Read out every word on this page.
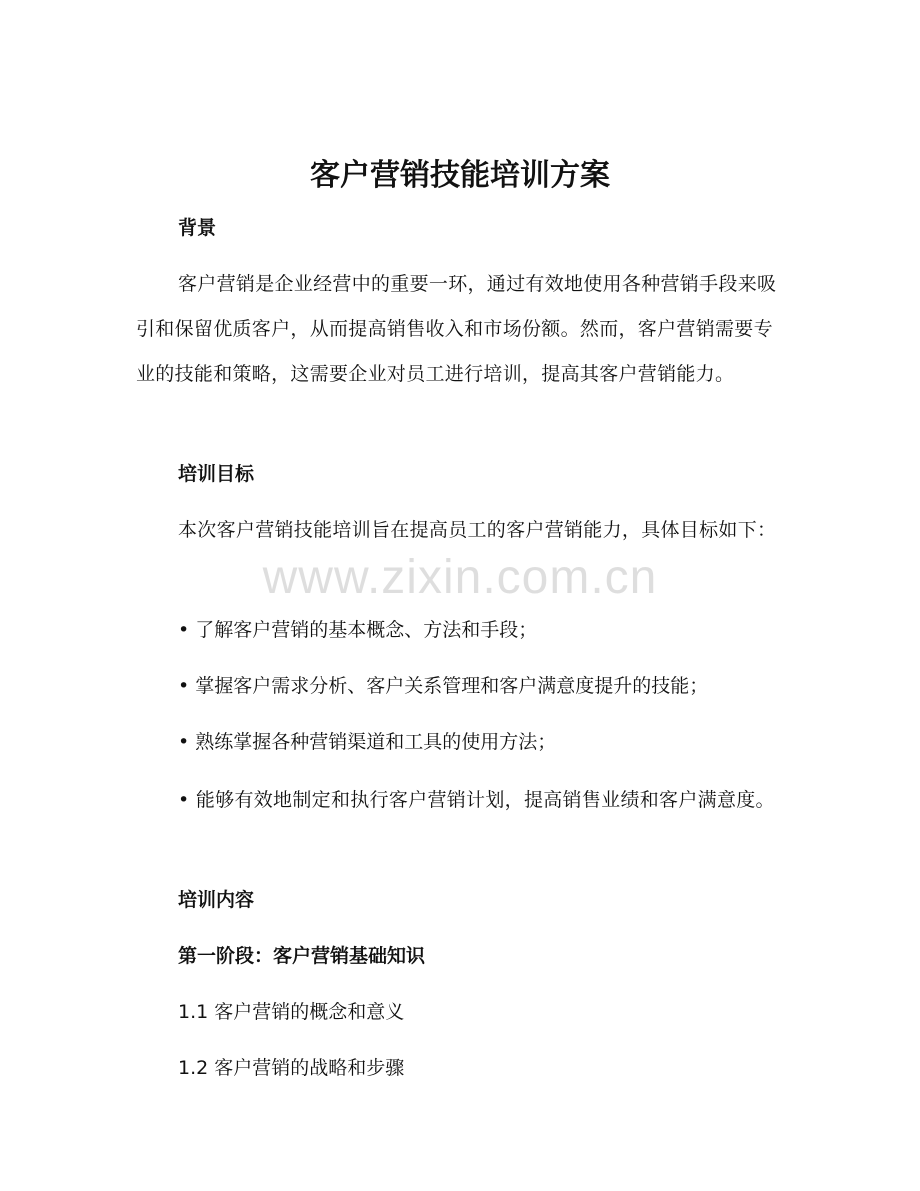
客户营销技能培训方案

背景

客户营销是企业经营中的重要一环，通过有效地使用各种营销手段来吸引和保留优质客户，从而提高销售收入和市场份额。然而，客户营销需要专业的技能和策略，这需要企业对员工进行培训，提高其客户营销能力。

培训目标

本次客户营销技能培训旨在提高员工的客户营销能力，具体目标如下：

• 了解客户营销的基本概念、方法和手段；

• 掌握客户需求分析、客户关系管理和客户满意度提升的技能；

• 熟练掌握各种营销渠道和工具的使用方法；

• 能够有效地制定和执行客户营销计划，提高销售业绩和客户满意度。

培训内容

第一阶段：客户营销基础知识

1.1 客户营销的概念和意义

1.2 客户营销的战略和步骤

www.zixin.com.cn
